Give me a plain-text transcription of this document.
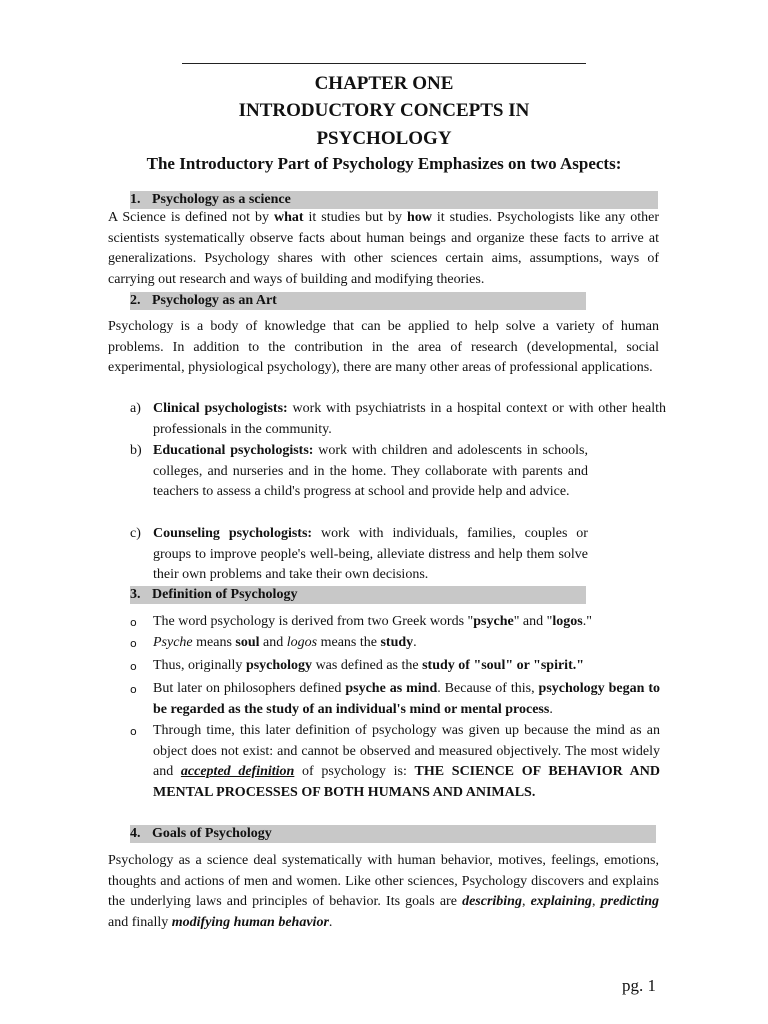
CHAPTER ONE
INTRODUCTORY CONCEPTS IN
PSYCHOLOGY
The Introductory Part of Psychology Emphasizes on two Aspects:
1. Psychology as a science
A Science is defined not by what it studies but by how it studies. Psychologists like any other scientists systematically observe facts about human beings and organize these facts to arrive at generalizations. Psychology shares with other sciences certain aims, assumptions, ways of carrying out research and ways of building and modifying theories.
2. Psychology as an Art
Psychology is a body of knowledge that can be applied to help solve a variety of human problems. In addition to the contribution in the area of research (developmental, social experimental, physiological psychology), there are many other areas of professional applications.
a) Clinical psychologists: work with psychiatrists in a hospital context or with other health professionals in the community.
b) Educational psychologists: work with children and adolescents in schools, colleges, and nurseries and in the home. They collaborate with parents and teachers to assess a child's progress at school and provide help and advice.
c) Counseling psychologists: work with individuals, families, couples or groups to improve people's well-being, alleviate distress and help them solve their own problems and take their own decisions.
3. Definition of Psychology
o The word psychology is derived from two Greek words "psyche" and "logos."
o Psyche means soul and logos means the study.
o Thus, originally psychology was defined as the study of "soul" or "spirit."
o But later on philosophers defined psyche as mind. Because of this, psychology began to be regarded as the study of an individual's mind or mental process.
o Through time, this later definition of psychology was given up because the mind as an object does not exist: and cannot be observed and measured objectively. The most widely and accepted definition of psychology is: THE SCIENCE OF BEHAVIOR AND MENTAL PROCESSES OF BOTH HUMANS AND ANIMALS.
4. Goals of Psychology
Psychology as a science deal systematically with human behavior, motives, feelings, emotions, thoughts and actions of men and women. Like other sciences, Psychology discovers and explains the underlying laws and principles of behavior. Its goals are describing, explaining, predicting and finally modifying human behavior.
pg. 1
